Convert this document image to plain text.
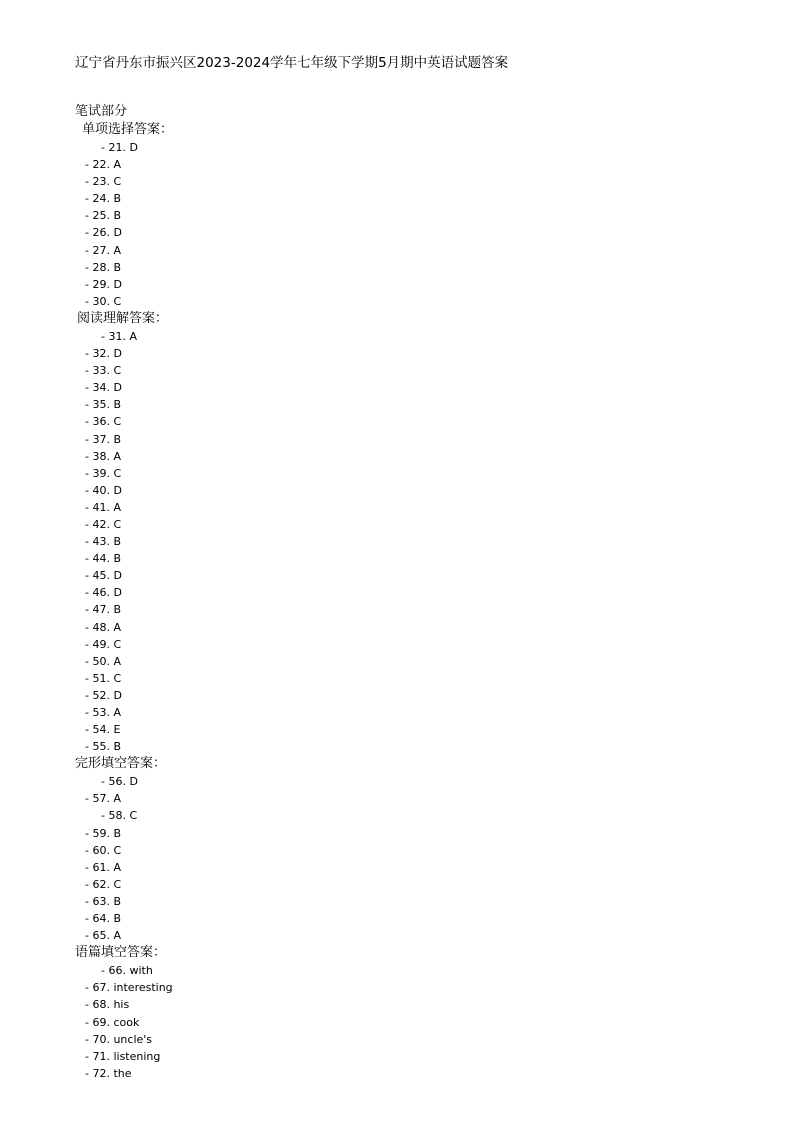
辽宁省丹东市振兴区2023-2024学年七年级下学期5月期中英语试题答案
笔试部分
单项选择答案：
- 21. D
- 22. A
- 23. C
- 24. B
- 25. B
- 26. D
- 27. A
- 28. B
- 29. D
- 30. C
阅读理解答案：
- 31. A
- 32. D
- 33. C
- 34. D
- 35. B
- 36. C
- 37. B
- 38. A
- 39. C
- 40. D
- 41. A
- 42. C
- 43. B
- 44. B
- 45. D
- 46. D
- 47. B
- 48. A
- 49. C
- 50. A
- 51. C
- 52. D
- 53. A
- 54. E
- 55. B
完形填空答案：
- 56. D
- 57. A
- 58. C
- 59. B
- 60. C
- 61. A
- 62. C
- 63. B
- 64. B
- 65. A
语篇填空答案：
- 66. with
- 67. interesting
- 68. his
- 69. cook
- 70. uncle's
- 71. listening
- 72. the
